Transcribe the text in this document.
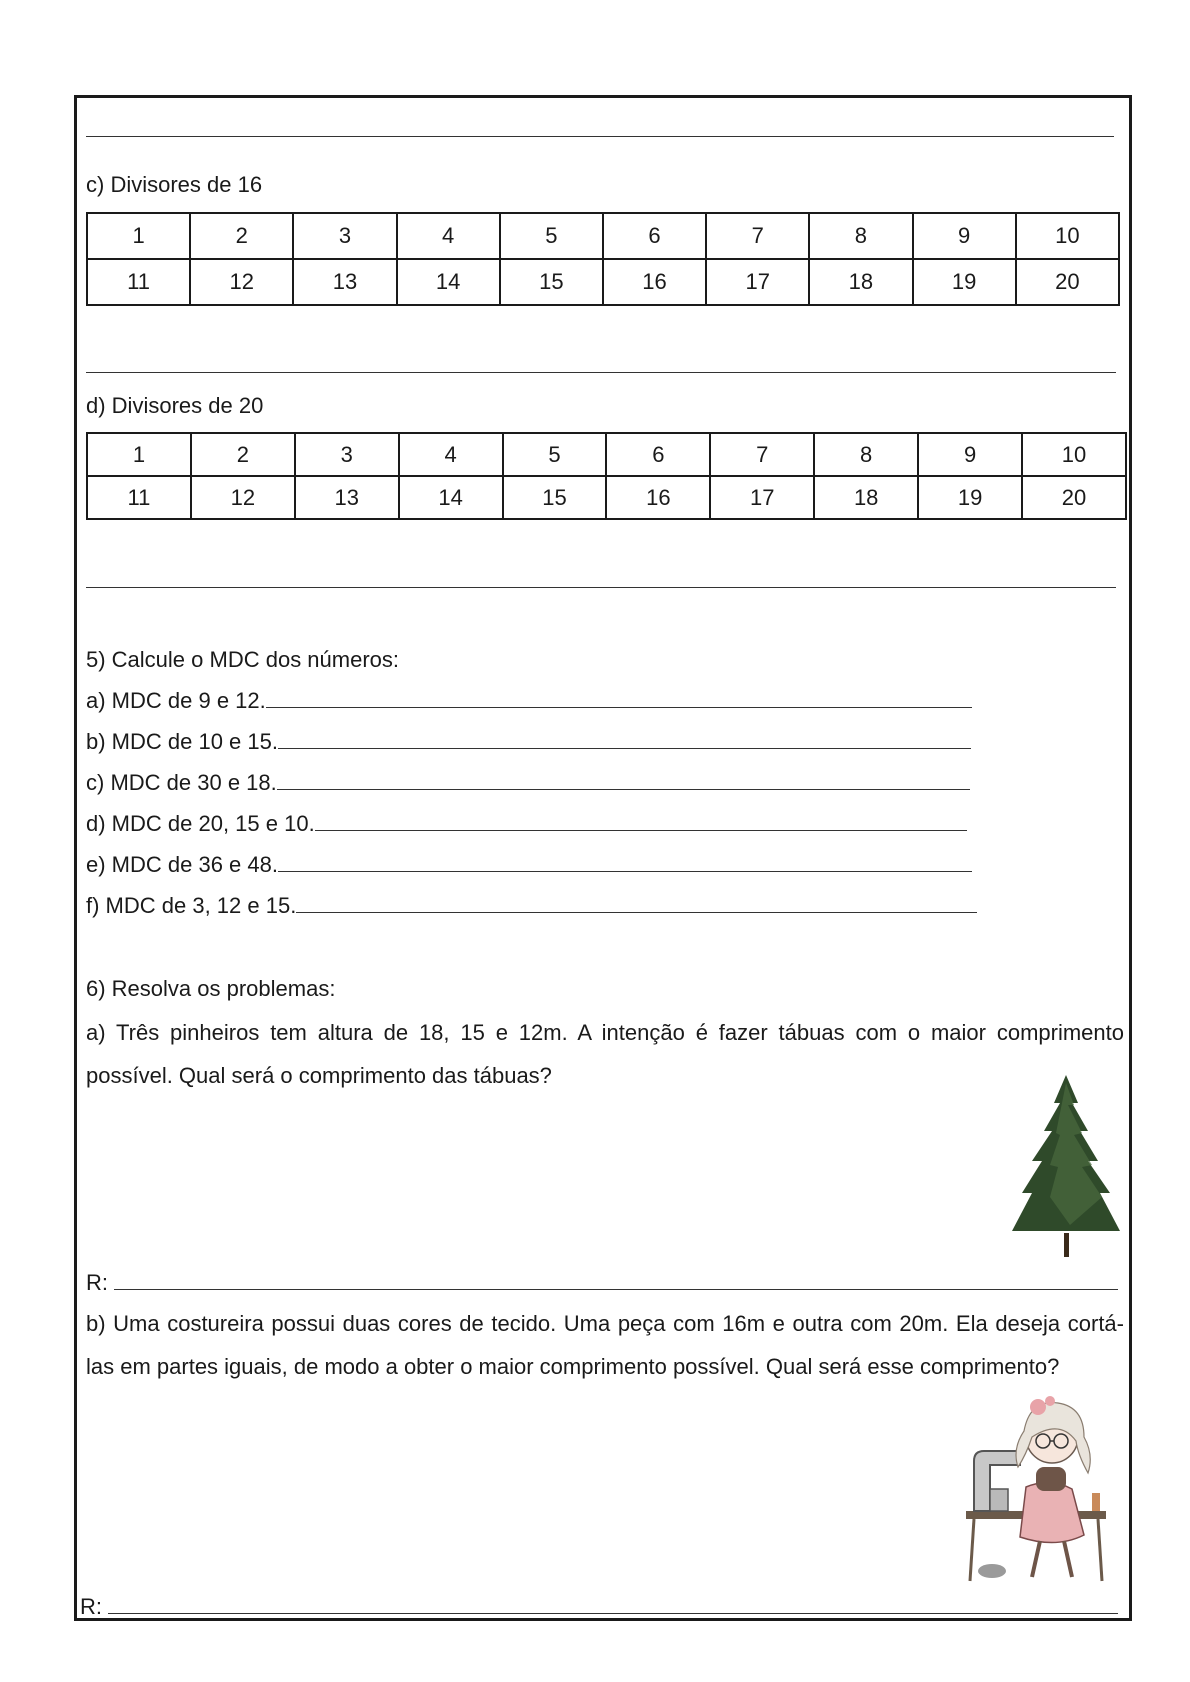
c) Divisores de 16
1	2	3	4	5	6	7	8	9	10
11	12	13	14	15	16	17	18	19	20
d) Divisores de 20
1	2	3	4	5	6	7	8	9	10
11	12	13	14	15	16	17	18	19	20
5) Calcule o MDC dos números:
a) MDC de 9 e 12.
b) MDC de 10 e 15.
c) MDC de 30 e 18.
d) MDC de 20, 15 e 10.
e) MDC de 36 e 48.
f) MDC de 3, 12 e 15.
6) Resolva os problemas:
a) Três pinheiros tem altura de 18, 15 e 12m. A intenção é fazer tábuas com o maior comprimento possível. Qual será o comprimento das tábuas?
R:
b) Uma costureira possui duas cores de tecido. Uma peça com 16m e outra com 20m. Ela deseja cortá-las em partes iguais, de modo a obter o maior comprimento possível. Qual será esse comprimento?
R:
